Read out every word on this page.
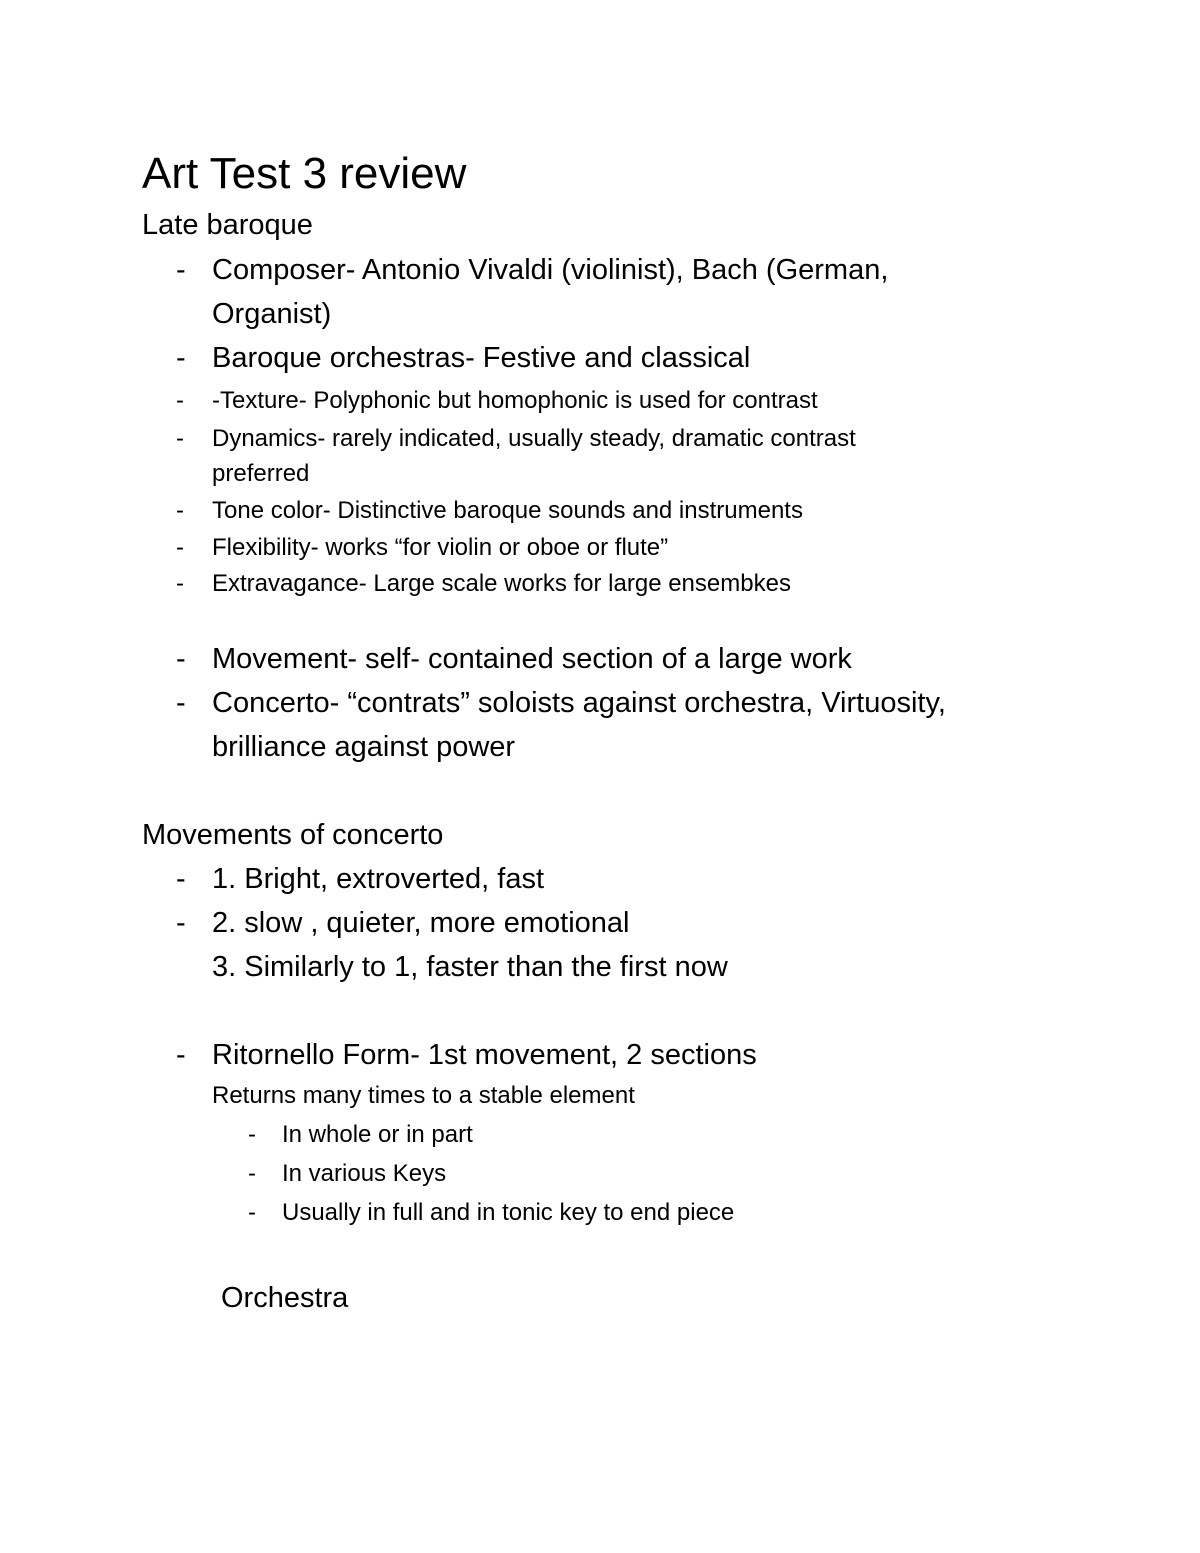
Art Test 3 review
Late baroque
- Composer- Antonio Vivaldi (violinist), Bach (German,
Organist)
- Baroque orchestras- Festive and classical
- -Texture- Polyphonic but homophonic is used for contrast
- Dynamics- rarely indicated, usually steady, dramatic contrast
preferred
- Tone color- Distinctive baroque sounds and instruments
- Flexibility- works “for violin or oboe or flute”
- Extravagance- Large scale works for large ensembkes
- Movement- self- contained section of a large work
- Concerto- “contrats” soloists against orchestra, Virtuosity,
brilliance against power
Movements of concerto
- 1. Bright, extroverted, fast
- 2. slow , quieter, more emotional
3. Similarly to 1, faster than the first now
- Ritornello Form- 1st movement, 2 sections
Returns many times to a stable element
- In whole or in part
- In various Keys
- Usually in full and in tonic key to end piece
Orchestra
